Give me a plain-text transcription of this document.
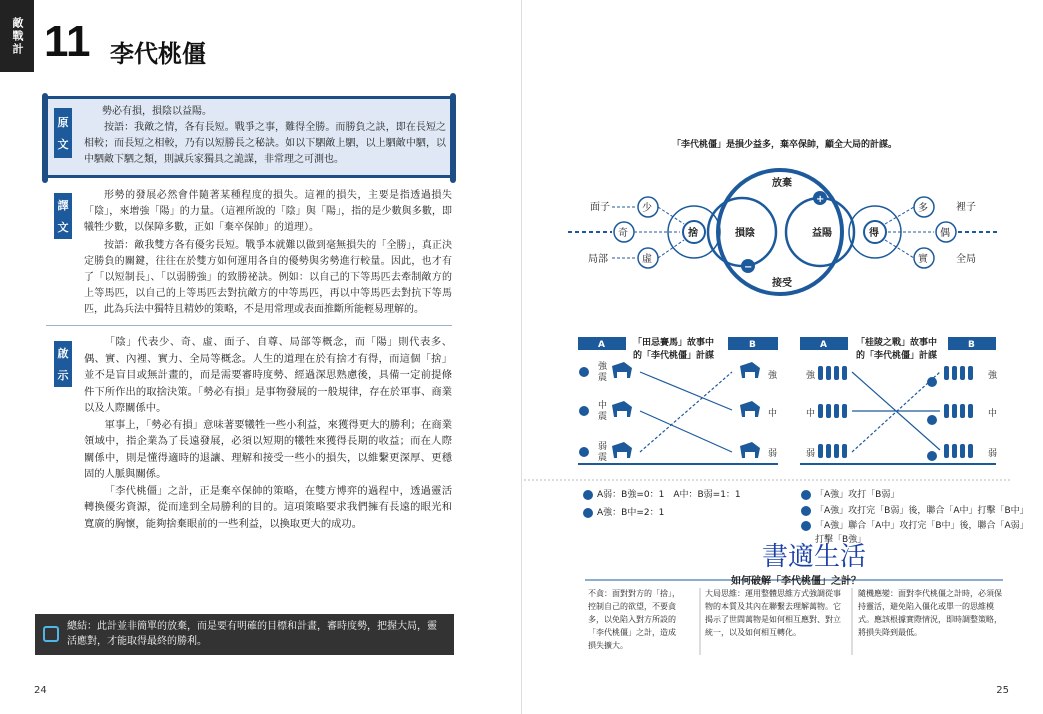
敵戰計 11 李代桃僵
原
文
勢必有損，損陰以益陽。

按語：我敵之情，各有長短。戰爭之事，難得全勝。而勝負之訣，即在長短之相較；而長短之相較，乃有以短勝長之秘訣。如以下駟敵上駟，以上駟敵中駟，以中駟敵下駟之類，則誠兵家獨具之詭謀，非常理之可測也。

譯
文

形勢的發展必然會伴隨著某種程度的損失。這裡的損失，主要是指透過損失「陰」，來增強「陽」的力量。（這裡所說的「陰」與「陽」，指的是少數與多數，即犧牲少數，以保障多數，正如「棄卒保帥」的道理）。

按語：敵我雙方各有優劣長短。戰爭本就難以做到毫無損失的「全勝」，真正決定勝負的關鍵，往往在於雙方如何運用各自的優勢與劣勢進行較量。因此，也才有了「以短制長」、「以弱勝強」的致勝祕訣。例如：以自己的下等馬匹去牽制敵方的上等馬匹，以自己的上等馬匹去對抗敵方的中等馬匹，再以中等馬匹去對抗下等馬匹，此為兵法中獨特且精妙的策略，不是用常理或表面推斷所能輕易理解的。

啟
示

「陰」代表少、奇、虛、面子、自尊、局部等概念，而「陽」則代表多、偶、實、內裡、實力、全局等概念。人生的道理在於有捨才有得，而這個「捨」並不是盲目或無計畫的，而是需要審時度勢、經過深思熟慮後，具備一定前提條件下所作出的取捨決策。「勢必有損」是事物發展的一般規律，存在於軍事、商業以及人際關係中。

軍事上，「勢必有損」意味著要犧牲一些小利益，來獲得更大的勝利；在商業領域中，指企業為了長遠發展，必須以短期的犧牲來獲得長期的收益；而在人際關係中，則是懂得適時的退讓、理解和接受一些小的損失，以維繫更深厚、更穩固的人脈與關係。

「李代桃僵」之計，正是棄卒保帥的策略，在雙方博弈的過程中，透過靈活轉換優劣資源，從而達到全局勝利的目的。這項策略要求我們擁有長遠的眼光和寬廣的胸懷，能夠捨棄眼前的一些利益，以換取更大的成功。

總結：此計並非簡單的放棄，而是要有明確的目標和計畫，審時度勢，把握大局，靈活應對，才能取得最終的勝利。
24	25
「李代桃僵」是損少益多，棄卒保帥，顧全大局的計謀。
+
−
放棄
接受
損陰	益陽
捨	得
少
奇
虛
面子
局部
多
偶
實
裡子
全局
A	B
「田忌賽馬」故事中
的「李代桃僵」計謀
強
震
中
震
弱
震
強
中
弱
A	B
「桂陵之戰」故事中
的「李代桃僵」計謀
強
中
弱
強
中
弱
A弱：B強=0：1　A中：B弱=1：1
A強：B中=2：1
「A強」攻打「B弱」
「A強」攻打完「B弱」後，聯合「A中」打擊「B中」
「A強」聯合「A中」攻打完「B中」後，聯合「A弱」打擊「B強」
書適生活
如何破解「李代桃僵」之計？
不貪：面對對方的「捨」，控制自己的欲望，不要貪多，以免陷入對方所設的「李代桃僵」之計，造成損失擴大。
大局思維：運用整體思維方式強調從事物的本質及其內在聯繫去理解萬物。它揭示了世間萬物是如何相互應對、對立統一，以及如何相互轉化。
隨機應變：面對李代桃僵之計時，必須保持靈活，避免陷入僵化或單一的思維模式。應該根據實際情況，即時調整策略，將損失降到最低。
